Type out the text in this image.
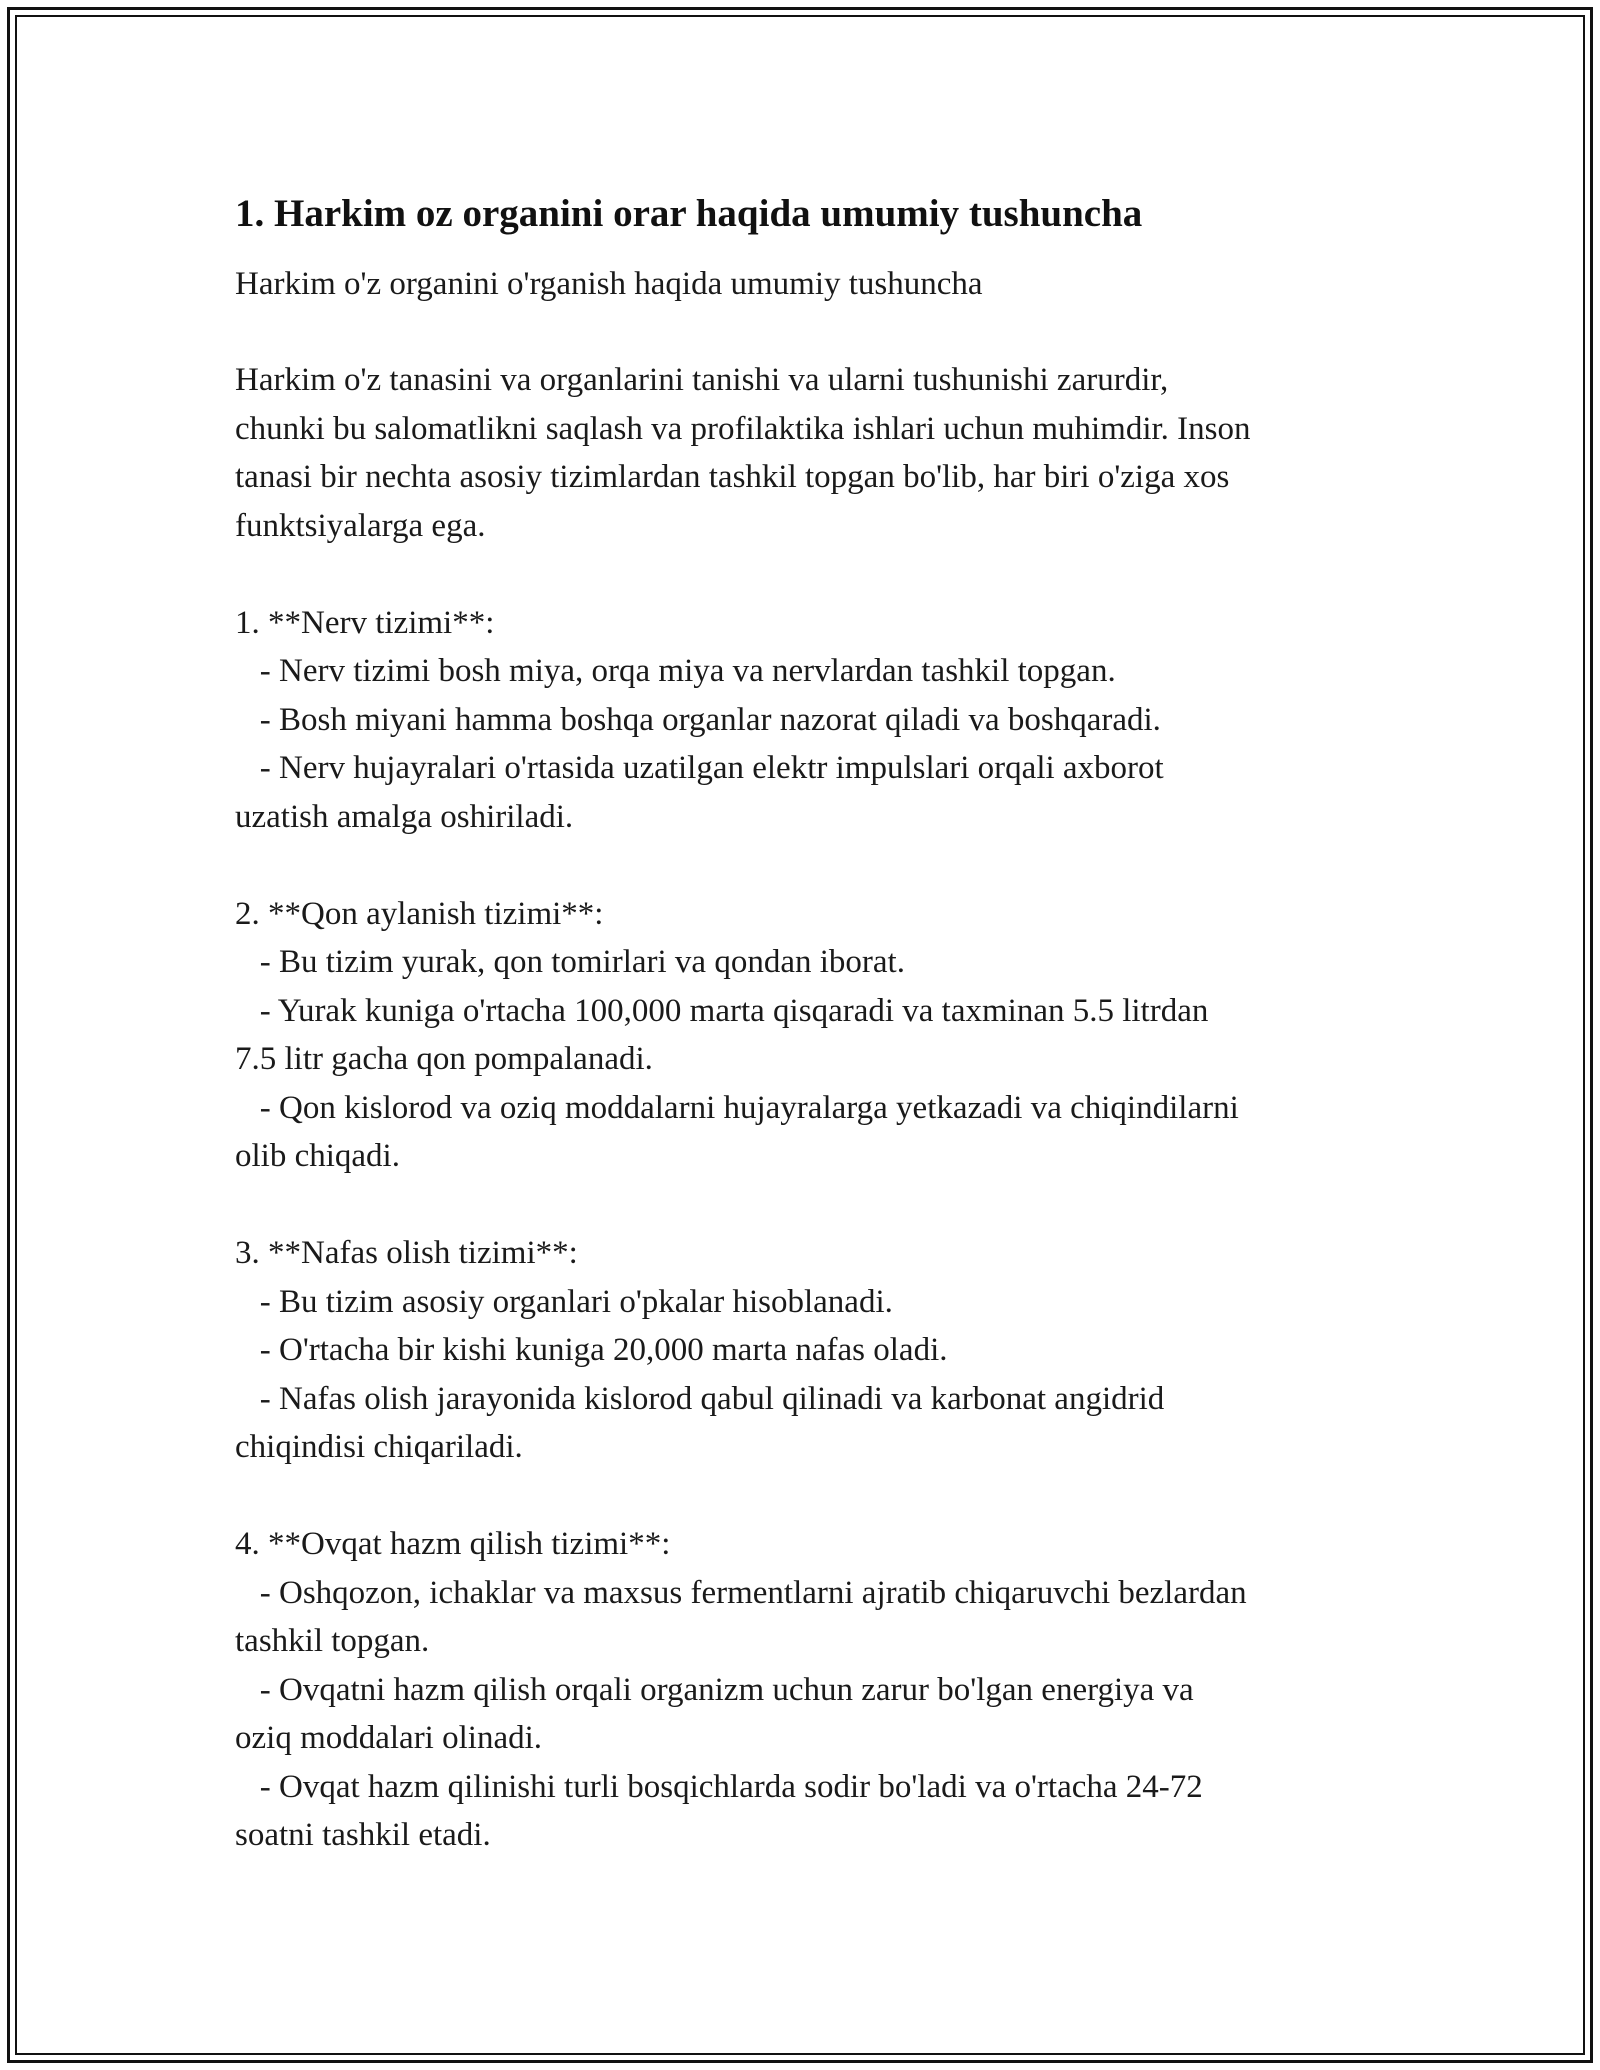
1. Harkim oz organini orar haqida umumiy tushuncha

Harkim o'z organini o'rganish haqida umumiy tushuncha

Harkim o'z tanasini va organlarini tanishi va ularni tushunishi zarurdir,
chunki bu salomatlikni saqlash va profilaktika ishlari uchun muhimdir. Inson
tanasi bir nechta asosiy tizimlardan tashkil topgan bo'lib, har biri o'ziga xos
funktsiyalarga ega.

1. **Nerv tizimi**:
- Nerv tizimi bosh miya, orqa miya va nervlardan tashkil topgan.
- Bosh miyani hamma boshqa organlar nazorat qiladi va boshqaradi.
- Nerv hujayralari o'rtasida uzatilgan elektr impulslari orqali axborot
uzatish amalga oshiriladi.

2. **Qon aylanish tizimi**:
- Bu tizim yurak, qon tomirlari va qondan iborat.
- Yurak kuniga o'rtacha 100,000 marta qisqaradi va taxminan 5.5 litrdan
7.5 litr gacha qon pompalanadi.
- Qon kislorod va oziq moddalarni hujayralarga yetkazadi va chiqindilarni
olib chiqadi.

3. **Nafas olish tizimi**:
- Bu tizim asosiy organlari o'pkalar hisoblanadi.
- O'rtacha bir kishi kuniga 20,000 marta nafas oladi.
- Nafas olish jarayonida kislorod qabul qilinadi va karbonat angidrid
chiqindisi chiqariladi.

4. **Ovqat hazm qilish tizimi**:
- Oshqozon, ichaklar va maxsus fermentlarni ajratib chiqaruvchi bezlardan
tashkil topgan.
- Ovqatni hazm qilish orqali organizm uchun zarur bo'lgan energiya va
oziq moddalari olinadi.
- Ovqat hazm qilinishi turli bosqichlarda sodir bo'ladi va o'rtacha 24-72
soatni tashkil etadi.
